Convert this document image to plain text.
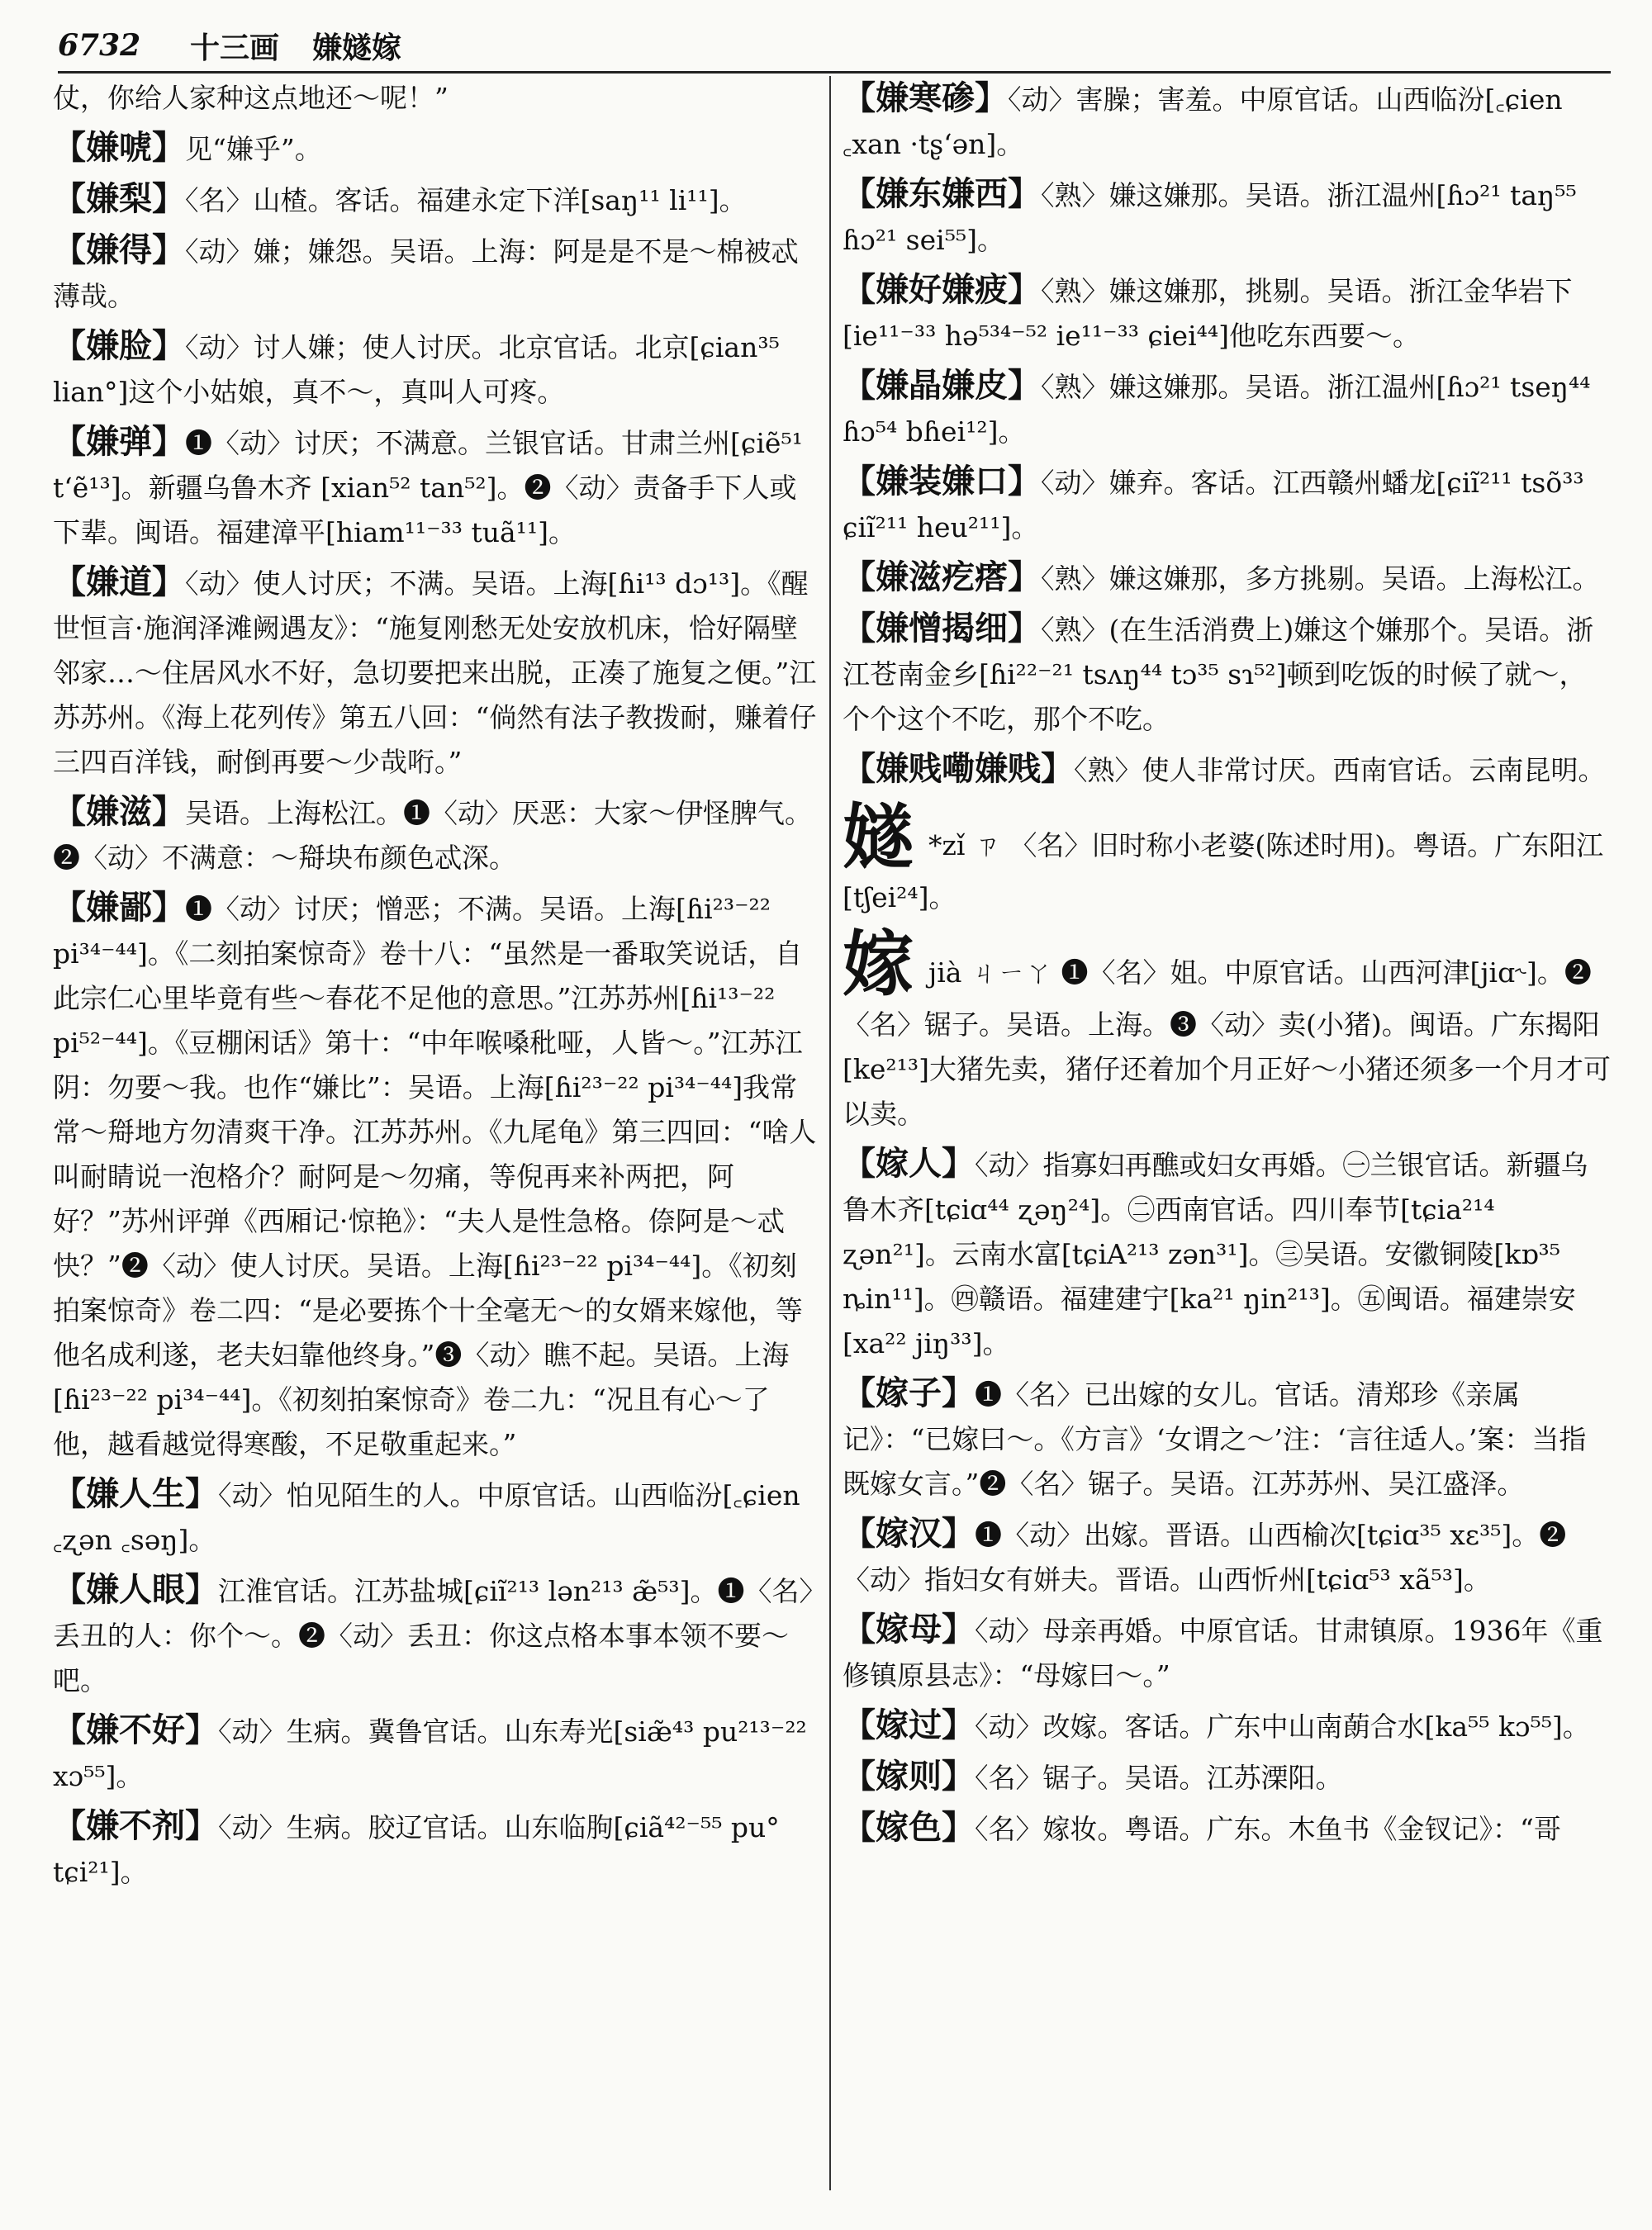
6732	十三画 嫌嬘嫁
仗，你给人家种这点地还～呢！”
【嫌唬】见“嫌乎”。
【嫌梨】〈名〉山楂。客话。福建永定下洋[saŋ¹¹ li¹¹]。
【嫌得】〈动〉嫌；嫌怨。吴语。上海：阿是是不是～棉被忒薄哉。
【嫌脸】〈动〉讨人嫌；使人讨厌。北京官话。北京[ɕian³⁵ lian°]这个小姑娘，真不～，真叫人可疼。
【嫌弹】❶〈动〉讨厌；不满意。兰银官话。甘肃兰州[ɕiẽ⁵¹ t‘ẽ¹³]。新疆乌鲁木齐 [xian⁵² tan⁵²]。❷〈动〉责备手下人或下辈。闽语。福建漳平[hiam¹¹⁻³³ tuã¹¹]。
【嫌道】〈动〉使人讨厌；不满。吴语。上海[ɦi¹³ dɔ¹³]。《醒世恒言·施润泽滩阙遇友》：“施复刚愁无处安放机床，恰好隔壁邻家…～住居风水不好，急切要把来出脱，正凑了施复之便。”江苏苏州。《海上花列传》第五八回：“倘然有法子教拨耐，赚着仔三四百洋钱，耐倒再要～少哉哘。”
【嫌滋】吴语。上海松江。❶〈动〉厌恶：大家～伊怪脾气。❷〈动〉不满意：～搿块布颜色忒深。
【嫌鄙】❶〈动〉讨厌；憎恶；不满。吴语。上海[ɦi²³⁻²² pi³⁴⁻⁴⁴]。《二刻拍案惊奇》卷十八：“虽然是一番取笑说话，自此宗仁心里毕竟有些～春花不足他的意思。”江苏苏州[ɦi¹³⁻²² pi⁵²⁻⁴⁴]。《豆棚闲话》第十：“中年喉嗓秕哑，人皆～。”江苏江阴：勿要～我。也作“嫌比”：吴语。上海[ɦi²³⁻²² pi³⁴⁻⁴⁴]我常常～搿地方勿清爽干净。江苏苏州。《九尾龟》第三四回：“啥人叫耐睛说一泡格介？耐阿是～勿痛，等倪再来补两把，阿好？”苏州评弹《西厢记·惊艳》：“夫人是性急格。倷阿是～忒快？”❷〈动〉使人讨厌。吴语。上海[ɦi²³⁻²² pi³⁴⁻⁴⁴]。《初刻拍案惊奇》卷二四：“是必要拣个十全毫无～的女婿来嫁他，等他名成利遂，老夫妇靠他终身。”❸〈动〉瞧不起。吴语。上海[ɦi²³⁻²² pi³⁴⁻⁴⁴]。《初刻拍案惊奇》卷二九：“况且有心～了他，越看越觉得寒酸，不足敬重起来。”
【嫌人生】〈动〉怕见陌生的人。中原官话。山西临汾[꜀ɕien ꜀ʐən ꜀səŋ]。
【嫌人眼】江淮官话。江苏盐城[ɕiĩ²¹³ lən²¹³ æ̃⁵³]。❶〈名〉丢丑的人：你个～。❷〈动〉丢丑：你这点格本事本领不要～吧。
【嫌不好】〈动〉生病。冀鲁官话。山东寿光[siæ̃⁴³ pu²¹³⁻²² xɔ⁵⁵]。
【嫌不剂】〈动〉生病。胶辽官话。山东临朐[ɕiã⁴²⁻⁵⁵ pu° tɕi²¹]。
【嫌寒碜】〈动〉害臊；害羞。中原官话。山西临汾[꜀ɕien ꜀xan ·tʂ‘ən]。
【嫌东嫌西】〈熟〉嫌这嫌那。吴语。浙江温州[ɦɔ²¹ taŋ⁵⁵ ɦɔ²¹ sei⁵⁵]。
【嫌好嫌疲】〈熟〉嫌这嫌那，挑剔。吴语。浙江金华岩下[ie¹¹⁻³³ hə⁵³⁴⁻⁵² ie¹¹⁻³³ ɕiei⁴⁴]他吃东西要～。
【嫌晶嫌皮】〈熟〉嫌这嫌那。吴语。浙江温州[ɦɔ²¹ tseŋ⁴⁴ ɦɔ⁵⁴ bɦei¹²]。
【嫌装嫌口】〈动〉嫌弃。客话。江西赣州蟠龙[ɕiĩ²¹¹ tsõ³³ ɕiĩ²¹¹ heu²¹¹]。
【嫌滋疙瘩】〈熟〉嫌这嫌那，多方挑剔。吴语。上海松江。
【嫌憎揭细】〈熟〉(在生活消费上)嫌这个嫌那个。吴语。浙江苍南金乡[ɦi²²⁻²¹ tsʌŋ⁴⁴ tɔ³⁵ sɿ⁵²]顿到吃饭的时候了就～，个个这个不吃，那个不吃。
【嫌贱嘞嫌贱】〈熟〉使人非常讨厌。西南官话。云南昆明。
嬘 *zǐ ㄗ 〈名〉旧时称小老婆(陈述时用)。粤语。广东阳江[tʃei²⁴]。
嫁jià ㄐㄧㄚ ❶〈名〉姐。中原官话。山西河津[jiɑ˞]。❷〈名〉锯子。吴语。上海。❸〈动〉卖(小猪)。闽语。广东揭阳[ke²¹³]大猪先卖，猪仔还着加个月正好～小猪还须多一个月才可以卖。
【嫁人】〈动〉指寡妇再醮或妇女再婚。㊀兰银官话。新疆乌鲁木齐[tɕiɑ⁴⁴ ʐəŋ²⁴]。㊁西南官话。四川奉节[tɕia²¹⁴ ʐən²¹]。云南水富[tɕiA²¹³ zən³¹]。㊂吴语。安徽铜陵[kɒ³⁵ ȵin¹¹]。㊃赣语。福建建宁[ka²¹ ŋin²¹³]。㊄闽语。福建崇安[xa²² jiŋ³³]。
【嫁子】❶〈名〉已出嫁的女儿。官话。清郑珍《亲属记》：“已嫁曰～。《方言》‘女谓之～’注：‘言往适人。’案：当指既嫁女言。”❷〈名〉锯子。吴语。江苏苏州、吴江盛泽。
【嫁汉】❶〈动〉出嫁。晋语。山西榆次[tɕiɑ³⁵ xɛ³⁵]。❷〈动〉指妇女有姘夫。晋语。山西忻州[tɕiɑ⁵³ xã⁵³]。
【嫁母】〈动〉母亲再婚。中原官话。甘肃镇原。1936年《重修镇原县志》：“母嫁曰～。”
【嫁过】〈动〉改嫁。客话。广东中山南蓢合水[ka⁵⁵ kɔ⁵⁵]。
【嫁则】〈名〉锯子。吴语。江苏溧阳。
【嫁色】〈名〉嫁妆。粤语。广东。木鱼书《金钗记》：“哥
